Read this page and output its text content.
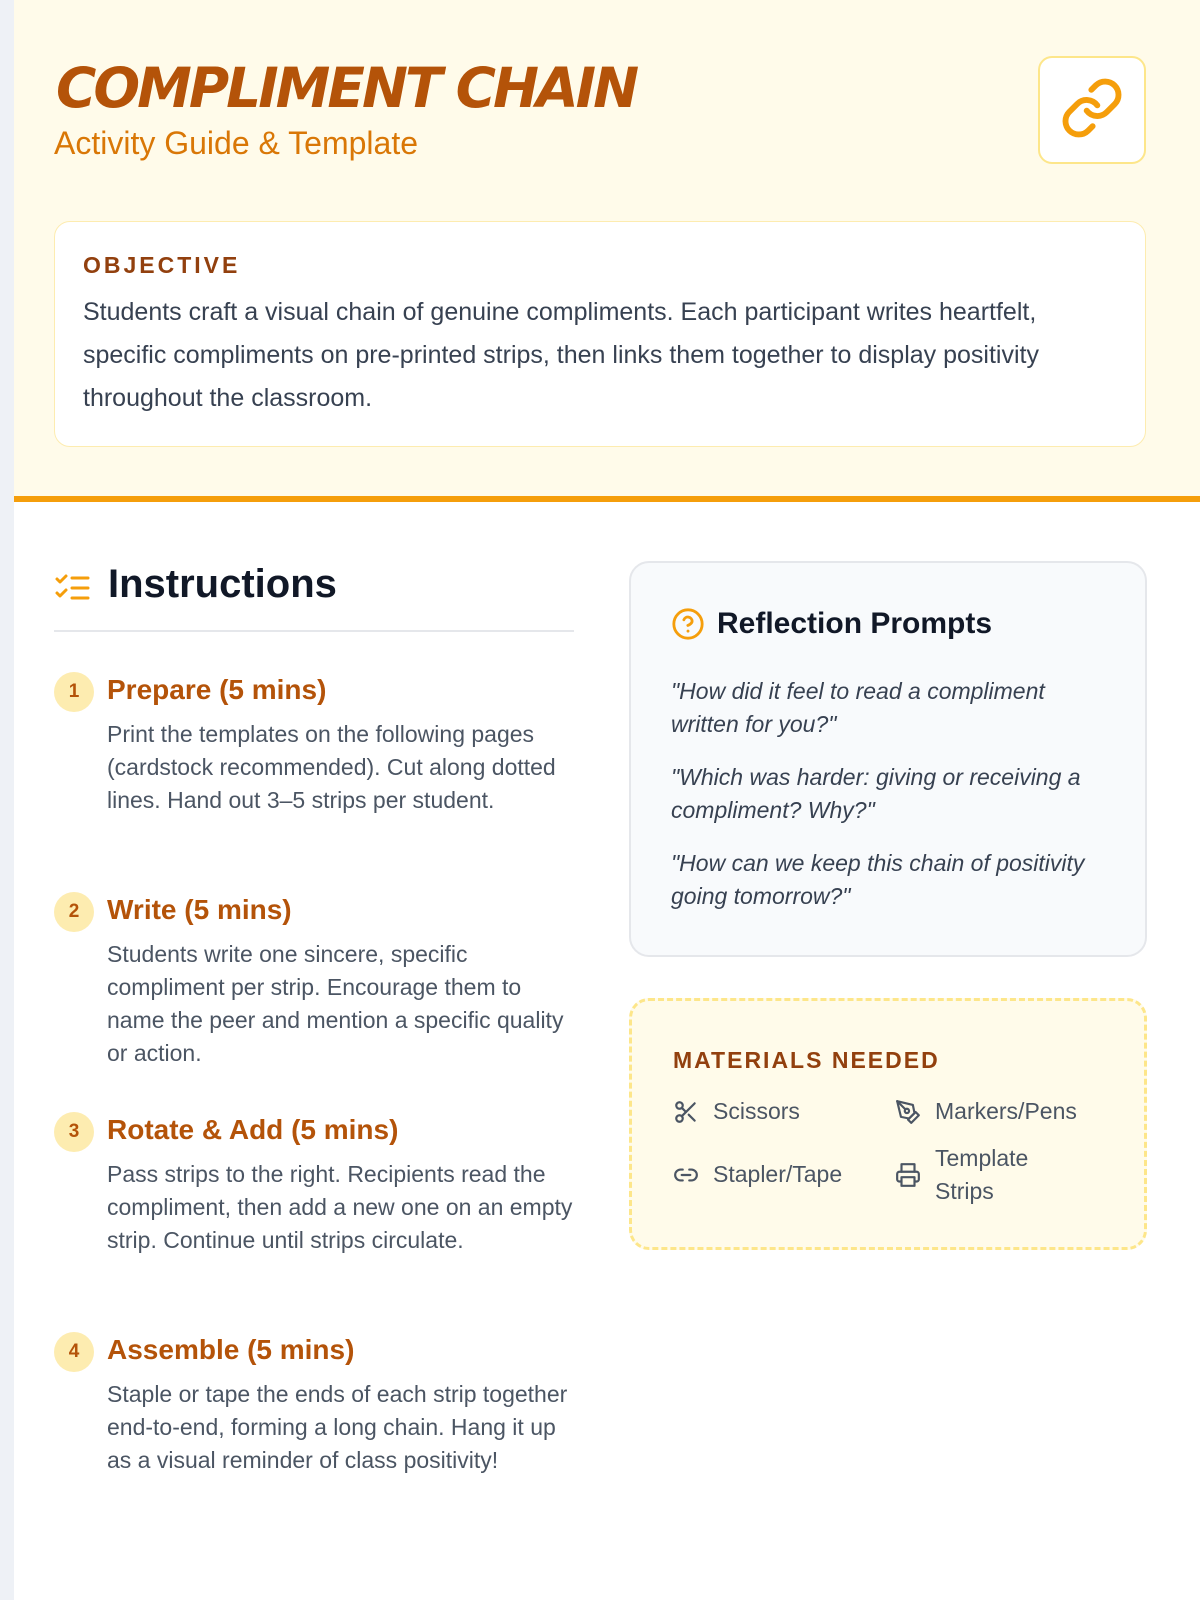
COMPLIMENT CHAIN
Activity Guide & Template
OBJECTIVE
Students craft a visual chain of genuine compliments. Each participant writes heartfelt, specific compliments on pre-printed strips, then links them together to display positivity throughout the classroom.
Instructions
1 Prepare (5 mins)
Print the templates on the following pages (cardstock recommended). Cut along dotted lines. Hand out 3–5 strips per student.
2 Write (5 mins)
Students write one sincere, specific compliment per strip. Encourage them to name the peer and mention a specific quality or action.
3 Rotate & Add (5 mins)
Pass strips to the right. Recipients read the compliment, then add a new one on an empty strip. Continue until strips circulate.
4 Assemble (5 mins)
Staple or tape the ends of each strip together end-to-end, forming a long chain. Hang it up as a visual reminder of class positivity!
Reflection Prompts
"How did it feel to read a compliment written for you?"
"Which was harder: giving or receiving a compliment? Why?"
"How can we keep this chain of positivity going tomorrow?"
MATERIALS NEEDED
Scissors	Markers/Pens
Stapler/Tape
Template Strips
